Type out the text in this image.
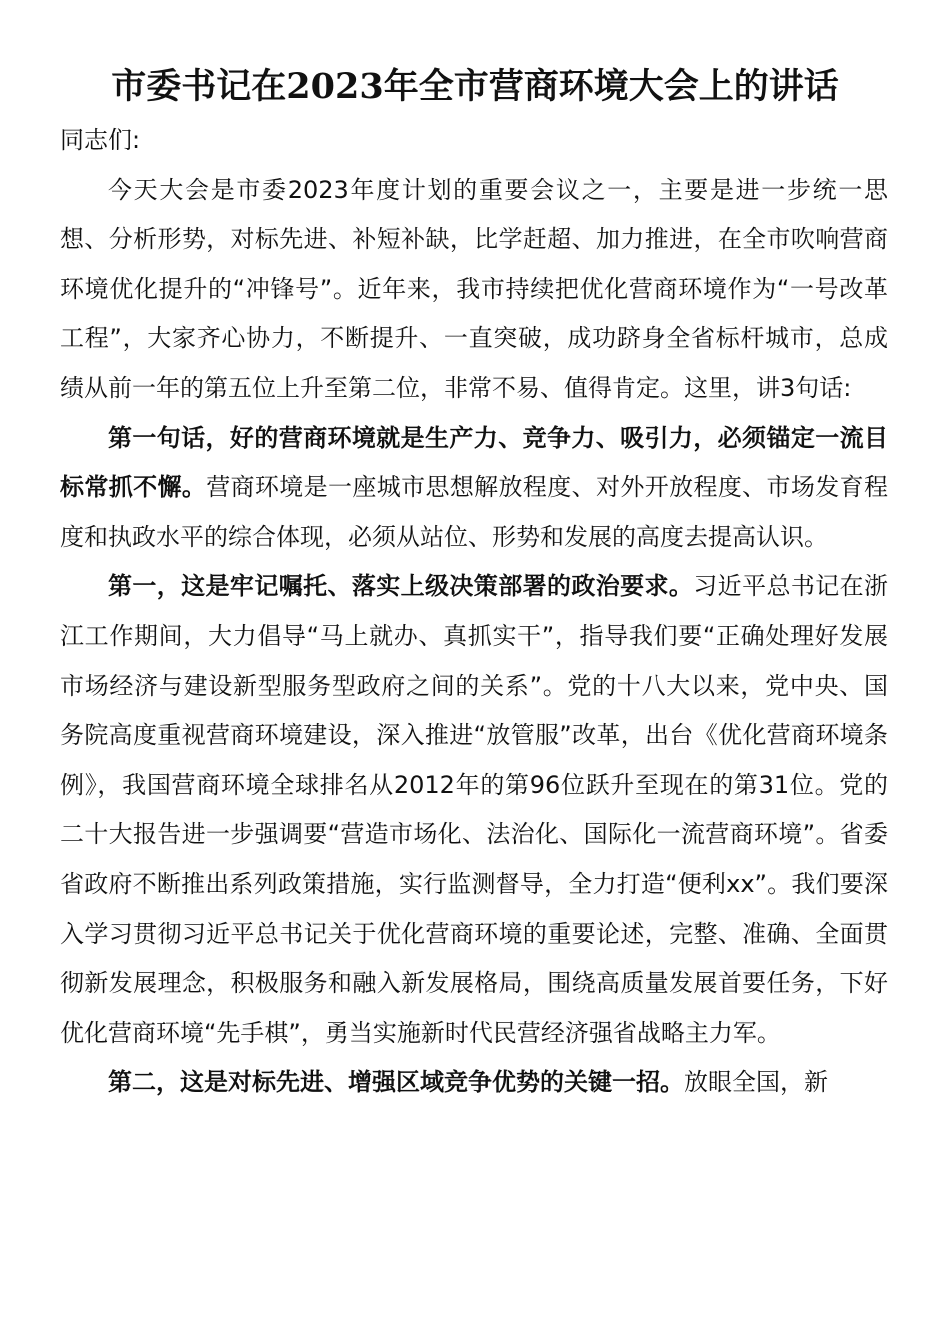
市委书记在2023年全市营商环境大会上的讲话

同志们:

今天大会是市委2023年度计划的重要会议之一，主要是进一步统一思想、分析形势，对标先进、补短补缺，比学赶超、加力推进，在全市吹响营商环境优化提升的“冲锋号”。近年来，我市持续把优化营商环境作为“一号改革工程”，大家齐心协力，不断提升、一直突破，成功跻身全省标杆城市，总成绩从前一年的第五位上升至第二位，非常不易、值得肯定。这里，讲3句话:

第一句话，好的营商环境就是生产力、竞争力、吸引力，必须锚定一流目标常抓不懈。营商环境是一座城市思想解放程度、对外开放程度、市场发育程度和执政水平的综合体现，必须从站位、形势和发展的高度去提高认识。

第一，这是牢记嘱托、落实上级决策部署的政治要求。习近平总书记在浙江工作期间，大力倡导“马上就办、真抓实干”，指导我们要“正确处理好发展市场经济与建设新型服务型政府之间的关系”。党的十八大以来，党中央、国务院高度重视营商环境建设，深入推进“放管服”改革，出台《优化营商环境条例》，我国营商环境全球排名从2012年的第96位跃升至现在的第31位。党的二十大报告进一步强调要“营造市场化、法治化、国际化一流营商环境”。省委省政府不断推出系列政策措施，实行监测督导，全力打造“便利xx”。我们要深入学习贯彻习近平总书记关于优化营商环境的重要论述，完整、准确、全面贯彻新发展理念，积极服务和融入新发展格局，围绕高质量发展首要任务，下好优化营商环境“先手棋”，勇当实施新时代民营经济强省战略主力军。

第二，这是对标先进、增强区域竞争优势的关键一招。放眼全国，新
